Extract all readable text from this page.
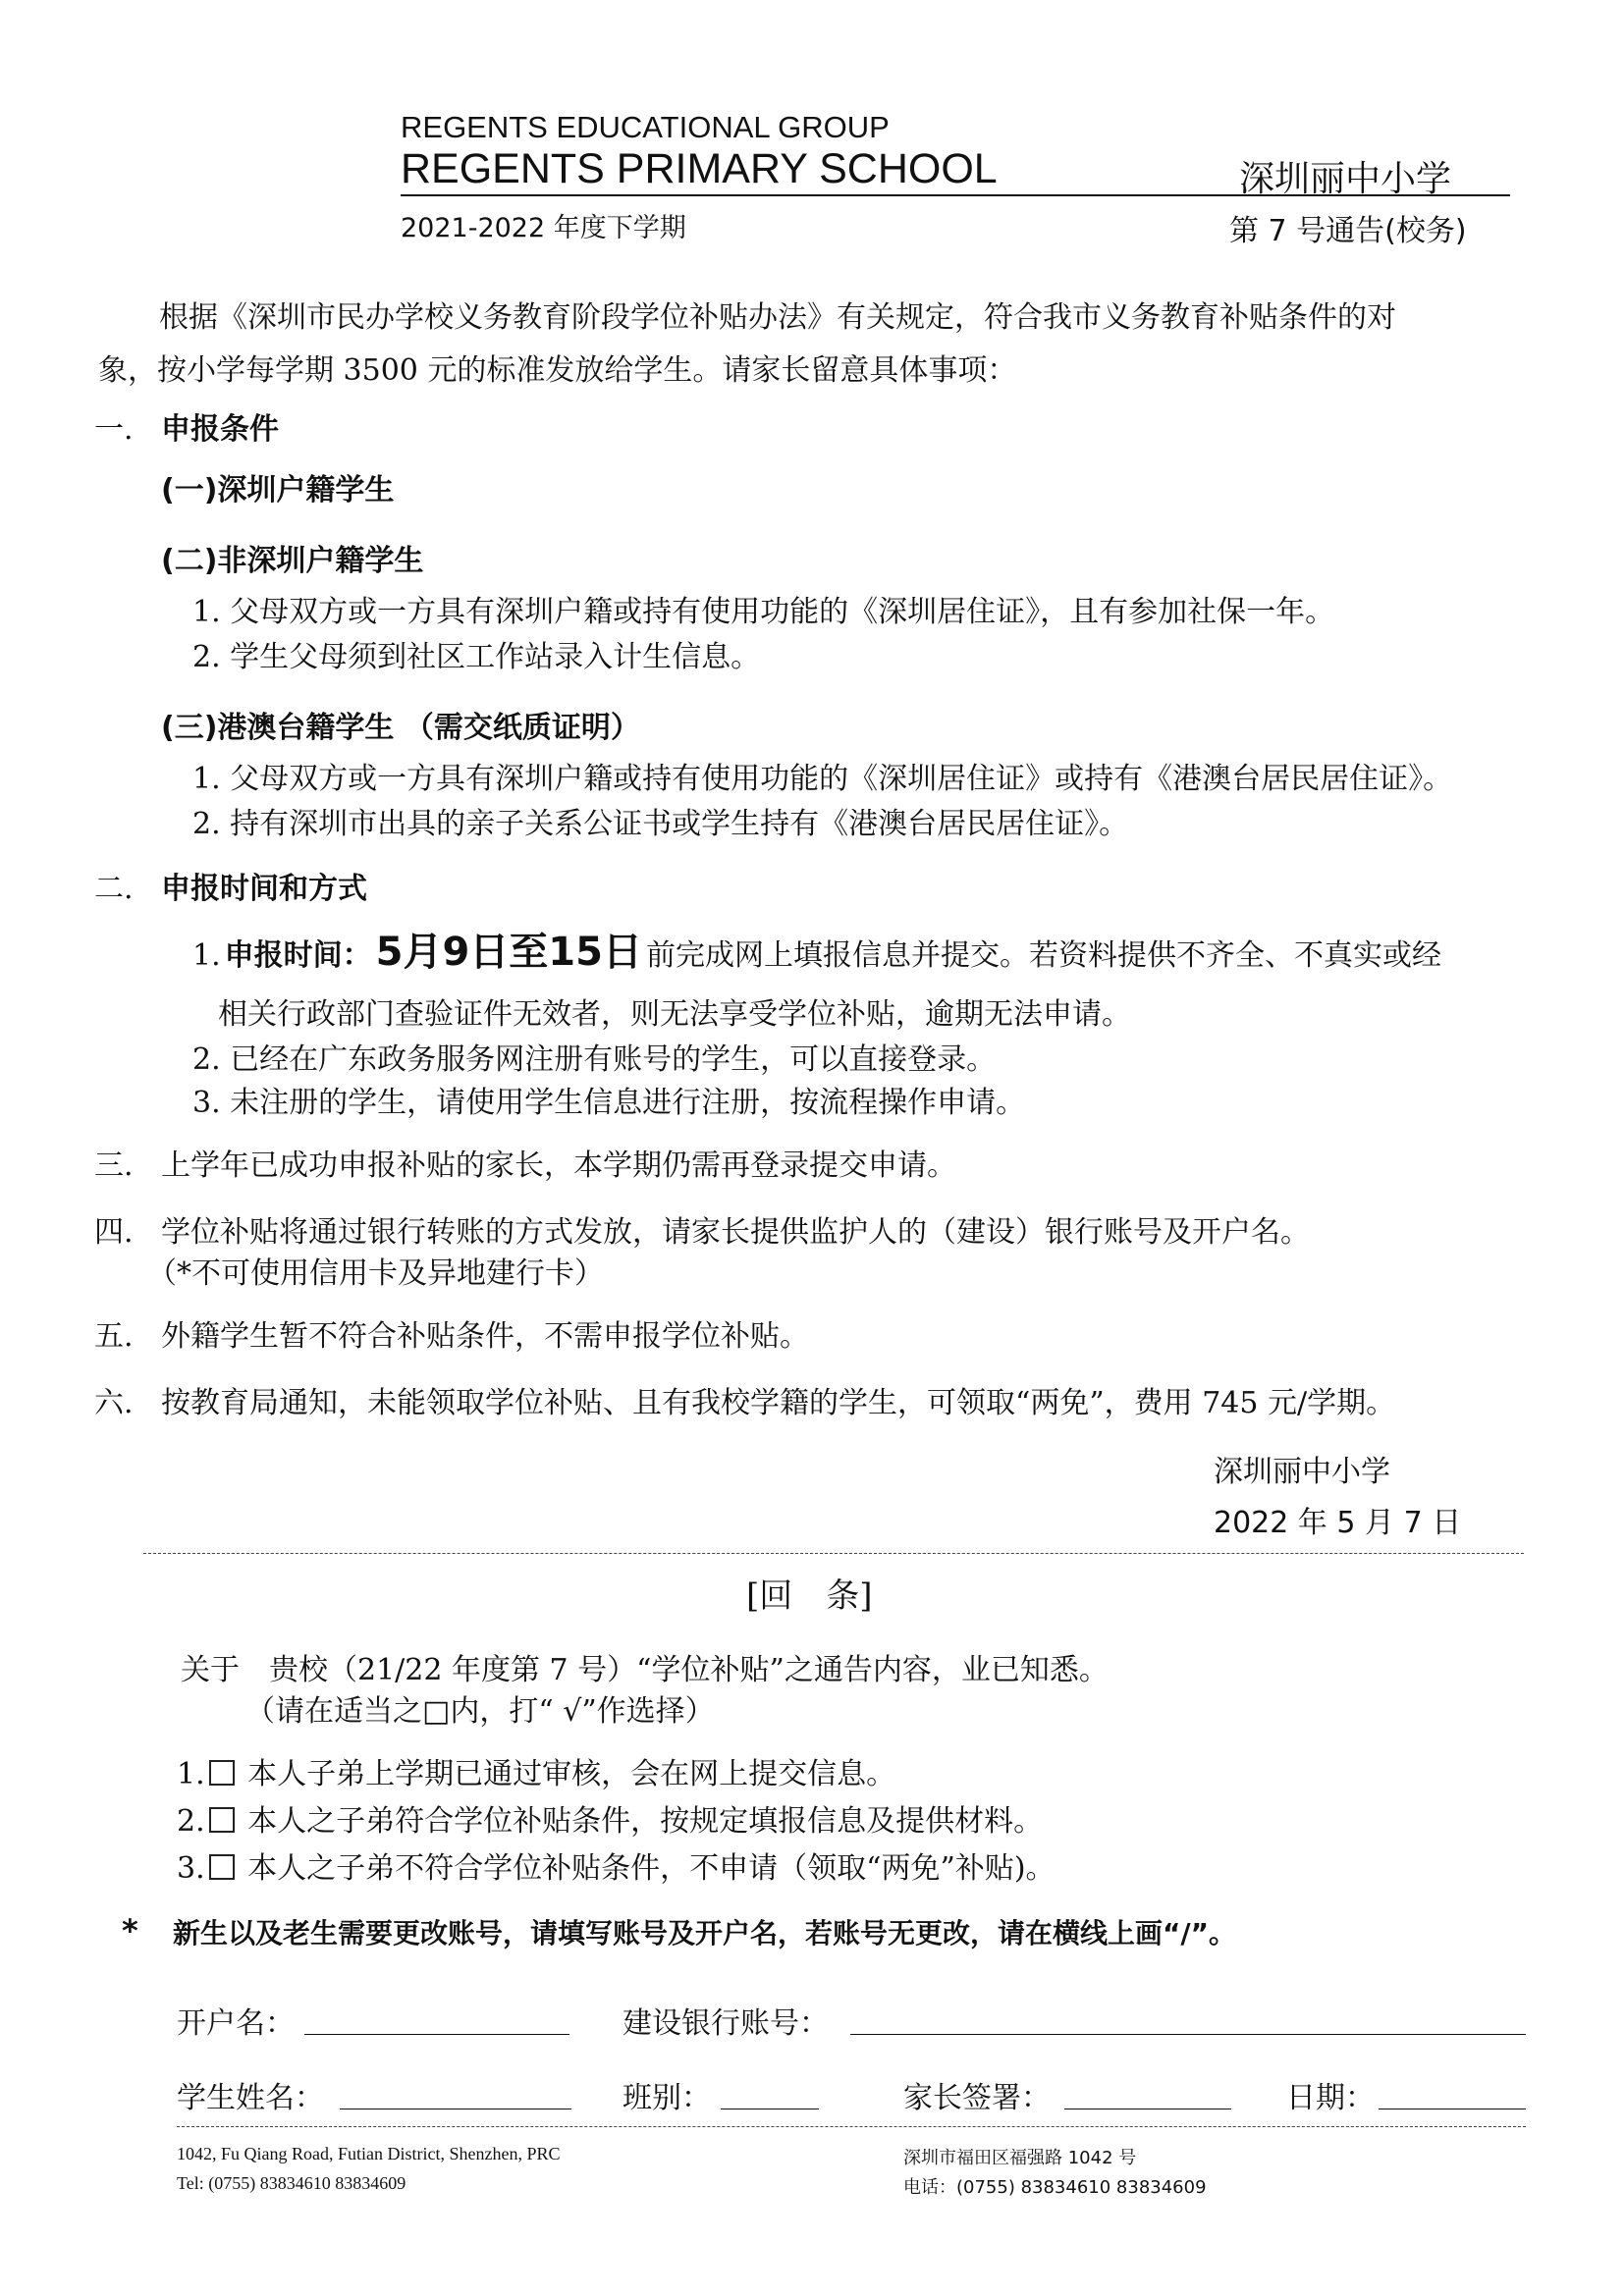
REGENTS EDUCATIONAL GROUP
REGENTS PRIMARY SCHOOL	深圳丽中小学
2021-2022 年度下学期	第 7 号通告(校务)
根据《深圳市民办学校义务教育阶段学位补贴办法》有关规定，符合我市义务教育补贴条件的对
象，按小学每学期 3500 元的标准发放给学生。请家长留意具体事项：
一. 申报条件
(一)深圳户籍学生
(二)非深圳户籍学生
1. 父母双方或一方具有深圳户籍或持有使用功能的《深圳居住证》，且有参加社保一年。
2. 学生父母须到社区工作站录入计生信息。
(三)港澳台籍学生 （需交纸质证明）
1. 父母双方或一方具有深圳户籍或持有使用功能的《深圳居住证》或持有《港澳台居民居住证》。
2. 持有深圳市出具的亲子关系公证书或学生持有《港澳台居民居住证》。
二. 申报时间和方式
1. 申报时间： 5月9日至15日 前完成网上填报信息并提交。若资料提供不齐全、不真实或经
相关行政部门查验证件无效者，则无法享受学位补贴，逾期无法申请。
2. 已经在广东政务服务网注册有账号的学生，可以直接登录。
3. 未注册的学生，请使用学生信息进行注册，按流程操作申请。
三. 上学年已成功申报补贴的家长，本学期仍需再登录提交申请。
四. 学位补贴将通过银行转账的方式发放，请家长提供监护人的（建设）银行账号及开户名。
（*不可使用信用卡及异地建行卡）
五. 外籍学生暂不符合补贴条件，不需申报学位补贴。
六. 按教育局通知，未能领取学位补贴、且有我校学籍的学生，可领取“两免”，费用 745 元/学期。
深圳丽中小学
2022 年 5 月 7 日
[回　条]
关于　贵校（21/22 年度第 7 号）“学位补贴”之通告内容，业已知悉。
（请在适当之□内，打“ √”作选择）
1. 本人子弟上学期已通过审核，会在网上提交信息。
2. 本人之子弟符合学位补贴条件，按规定填报信息及提供材料。
3. 本人之子弟不符合学位补贴条件，不申请（领取“两免”补贴)。
* 新生以及老生需要更改账号，请填写账号及开户名，若账号无更改，请在横线上画“/”。
开户名：	建设银行账号：
学生姓名：	班别：	家长签署：	日期：
1042, Fu Qiang Road, Futian District, Shenzhen, PRC
Tel: (0755) 83834610 83834609
深圳市福田区福强路 1042 号
电话：(0755) 83834610 83834609
